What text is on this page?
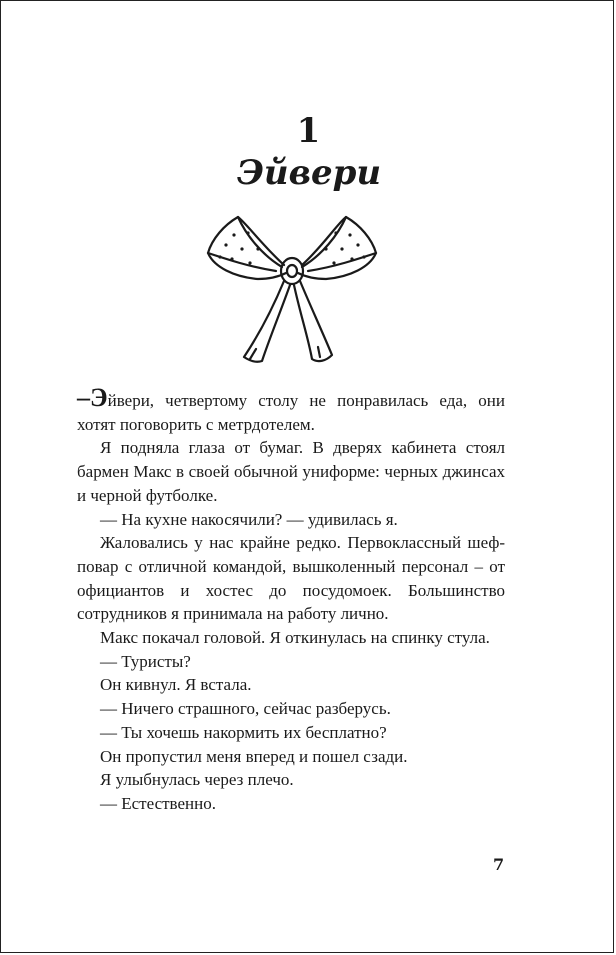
1
Эйвери

–Эйвери, четвертому столу не понравилась еда, они хотят поговорить с метрдотелем.

Я подняла глаза от бумаг. В дверях кабинета стоял бармен Макс в своей обычной униформе: черных джинсах и черной футболке.

— На кухне накосячили? — удивилась я.

Жаловались у нас крайне редко. Первоклассный шеф-повар с отличной командой, вышколенный персонал – от официантов и хостес до посудомоек. Большинство сотрудников я принимала на работу лично.

Макс покачал головой. Я откинулась на спинку стула.

— Туристы?

Он кивнул. Я встала.

— Ничего страшного, сейчас разберусь.

— Ты хочешь накормить их бесплатно?

Он пропустил меня вперед и пошел сзади.

Я улыбнулась через плечо.

— Естественно.

7
